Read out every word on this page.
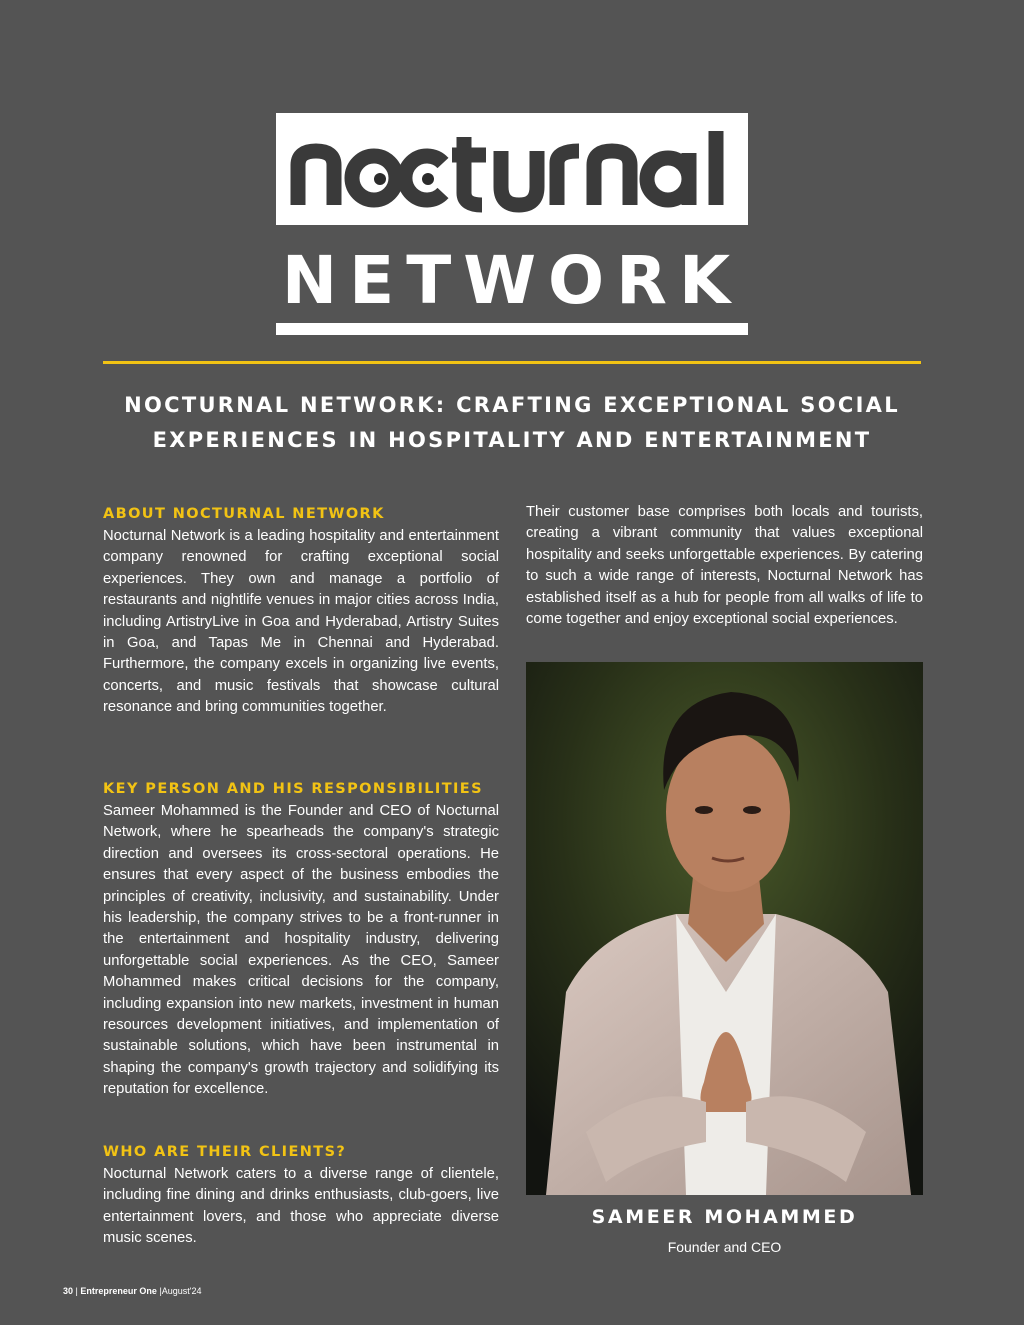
NETWORK
NOCTURNAL NETWORK: CRAFTING EXCEPTIONAL SOCIAL
EXPERIENCES IN HOSPITALITY AND ENTERTAINMENT
ABOUT NOCTURNAL NETWORK

Nocturnal Network is a leading hospitality and entertainment company renowned for crafting exceptional social experiences. They own and manage a portfolio of restaurants and nightlife venues in major cities across India, including ArtistryLive in Goa and Hyderabad, Artistry Suites in Goa, and Tapas Me in Chennai and Hyderabad. Furthermore, the company excels in organizing live events, concerts, and music festivals that showcase cultural resonance and bring communities together.

KEY PERSON AND HIS RESPONSIBILITIES

Sameer Mohammed is the Founder and CEO of Nocturnal Network, where he spearheads the company's strategic direction and oversees its cross-sectoral operations. He ensures that every aspect of the business embodies the principles of creativity, inclusivity, and sustainability. Under his leadership, the company strives to be a front-runner in the entertainment and hospitality industry, delivering unforgettable social experiences. As the CEO, Sameer Mohammed makes critical decisions for the company, including expansion into new markets, investment in human resources development initiatives, and implementation of sustainable solutions, which have been instrumental in shaping the company's growth trajectory and solidifying its reputation for excellence.

WHO ARE THEIR CLIENTS?

Nocturnal Network caters to a diverse range of clientele, including fine dining and drinks enthusiasts, club-goers, live entertainment lovers, and those who appreciate diverse music scenes.

Their customer base comprises both locals and tourists, creating a vibrant community that values exceptional hospitality and seeks unforgettable experiences. By catering to such a wide range of interests, Nocturnal Network has established itself as a hub for people from all walks of life to come together and enjoy exceptional social experiences.

SAMEER MOHAMMED

Founder and CEO

30 | Entrepreneur One |August'24
